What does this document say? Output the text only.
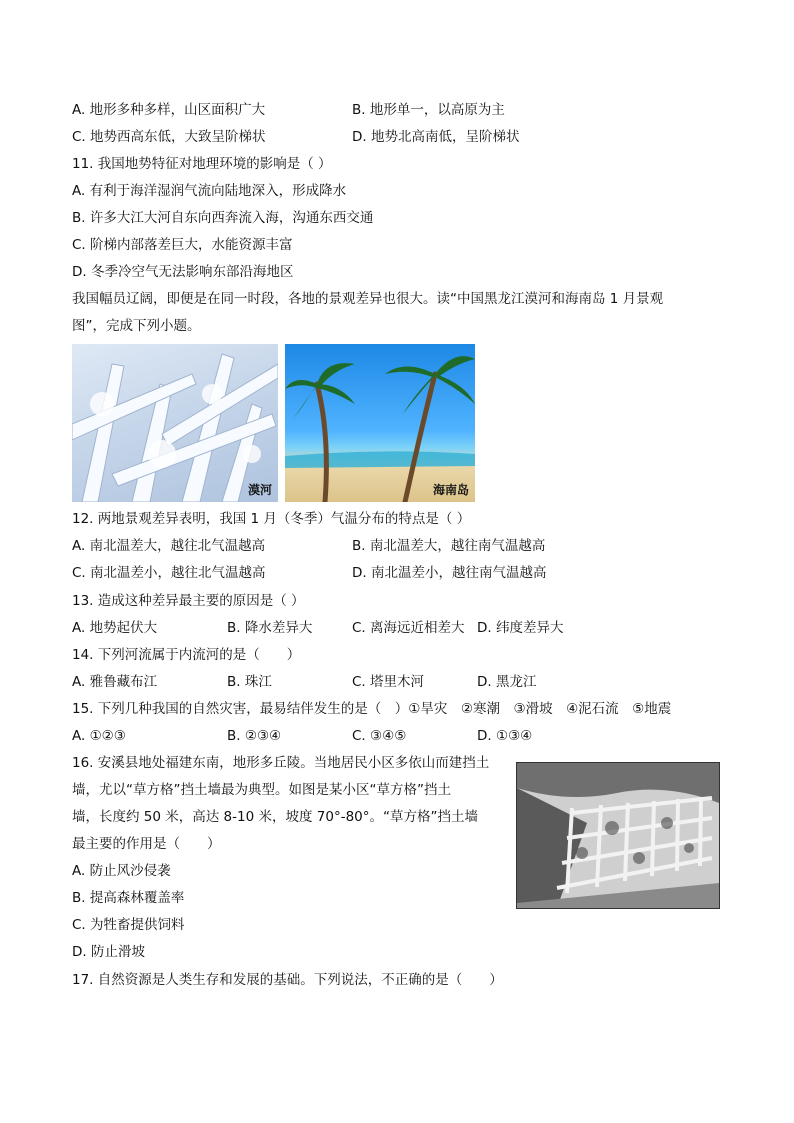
A. 地形多种多样，山区面积广大	B. 地形单一，以高原为主
C. 地势西高东低，大致呈阶梯状	D. 地势北高南低，呈阶梯状
11. 我国地势特征对地理环境的影响是（ ）
A. 有利于海洋湿润气流向陆地深入，形成降水
B. 许多大江大河自东向西奔流入海，沟通东西交通
C. 阶梯内部落差巨大，水能资源丰富
D. 冬季冷空气无法影响东部沿海地区
我国幅员辽阔，即便是在同一时段，各地的景观差异也很大。读“中国黑龙江漠河和海南岛 1 月景观
图”，完成下列小题。
漠河	海南岛
12. 两地景观差异表明，我国 1 月（冬季）气温分布的特点是（ ）
A. 南北温差大，越往北气温越高	B. 南北温差大，越往南气温越高
C. 南北温差小，越往北气温越高	D. 南北温差小，越往南气温越高
13. 造成这种差异最主要的原因是（ ）
A. 地势起伏大	B. 降水差异大	C. 离海远近相差大 D. 纬度差异大
14. 下列河流属于内流河的是（　　）
A. 雅鲁藏布江	B. 珠江	C. 塔里木河	D. 黑龙江
15. 下列几种我国的自然灾害，最易结伴发生的是（　）①旱灾　②寒潮　③滑坡　④泥石流　⑤地震
A. ①②③	B. ②③④	C. ③④⑤	D. ①③④
16. 安溪县地处福建东南，地形多丘陵。当地居民小区多依山而建挡土
墙，尤以“草方格”挡土墙最为典型。如图是某小区“草方格”挡土
墙，长度约 50 米，高达 8-10 米，坡度 70°-80°。“草方格”挡土墙
最主要的作用是（　　）
A. 防止风沙侵袭
B. 提高森林覆盖率
C. 为牲畜提供饲料
D. 防止滑坡
17. 自然资源是人类生存和发展的基础。下列说法，不正确的是（　　）
